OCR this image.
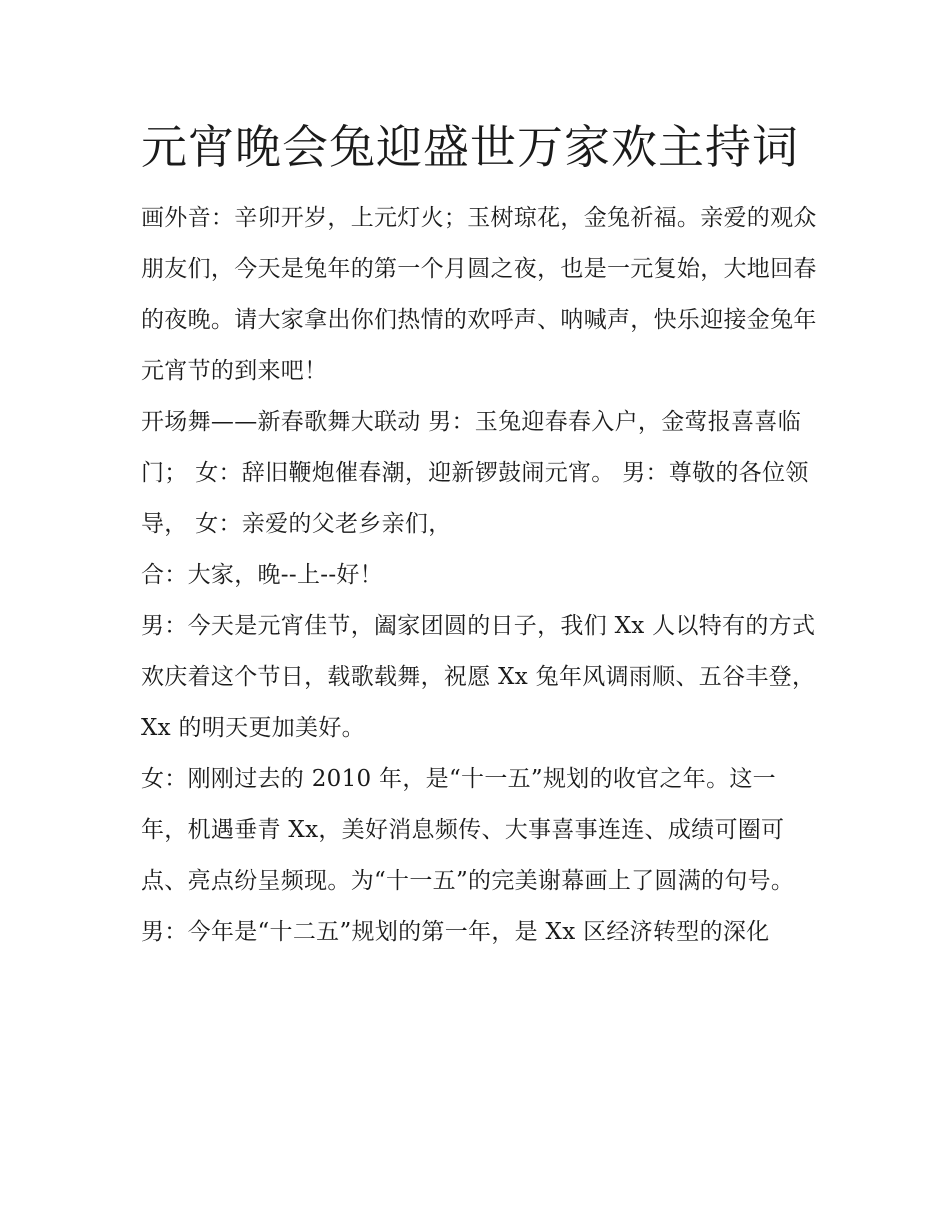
元宵晚会兔迎盛世万家欢主持词

画外音：辛卯开岁，上元灯火；玉树琼花，金兔祈福。亲爱的观众朋友们，今天是兔年的第一个月圆之夜，也是一元复始，大地回春的夜晚。请大家拿出你们热情的欢呼声、呐喊声，快乐迎接金兔年元宵节的到来吧！

开场舞——新春歌舞大联动 男：玉兔迎春春入户，金莺报喜喜临门； 女：辞旧鞭炮催春潮，迎新锣鼓闹元宵。 男：尊敬的各位领导， 女：亲爱的父老乡亲们，

合：大家，晚--上--好！

男：今天是元宵佳节，阖家团圆的日子，我们 Xx 人以特有的方式欢庆着这个节日，载歌载舞，祝愿 Xx 兔年风调雨顺、五谷丰登，Xx 的明天更加美好。

女：刚刚过去的 2010 年，是“十一五”规划的收官之年。这一年，机遇垂青 Xx，美好消息频传、大事喜事连连、成绩可圈可点、亮点纷呈频现。为“十一五”的完美谢幕画上了圆满的句号。

男：今年是“十二五”规划的第一年，是 Xx 区经济转型的深化
